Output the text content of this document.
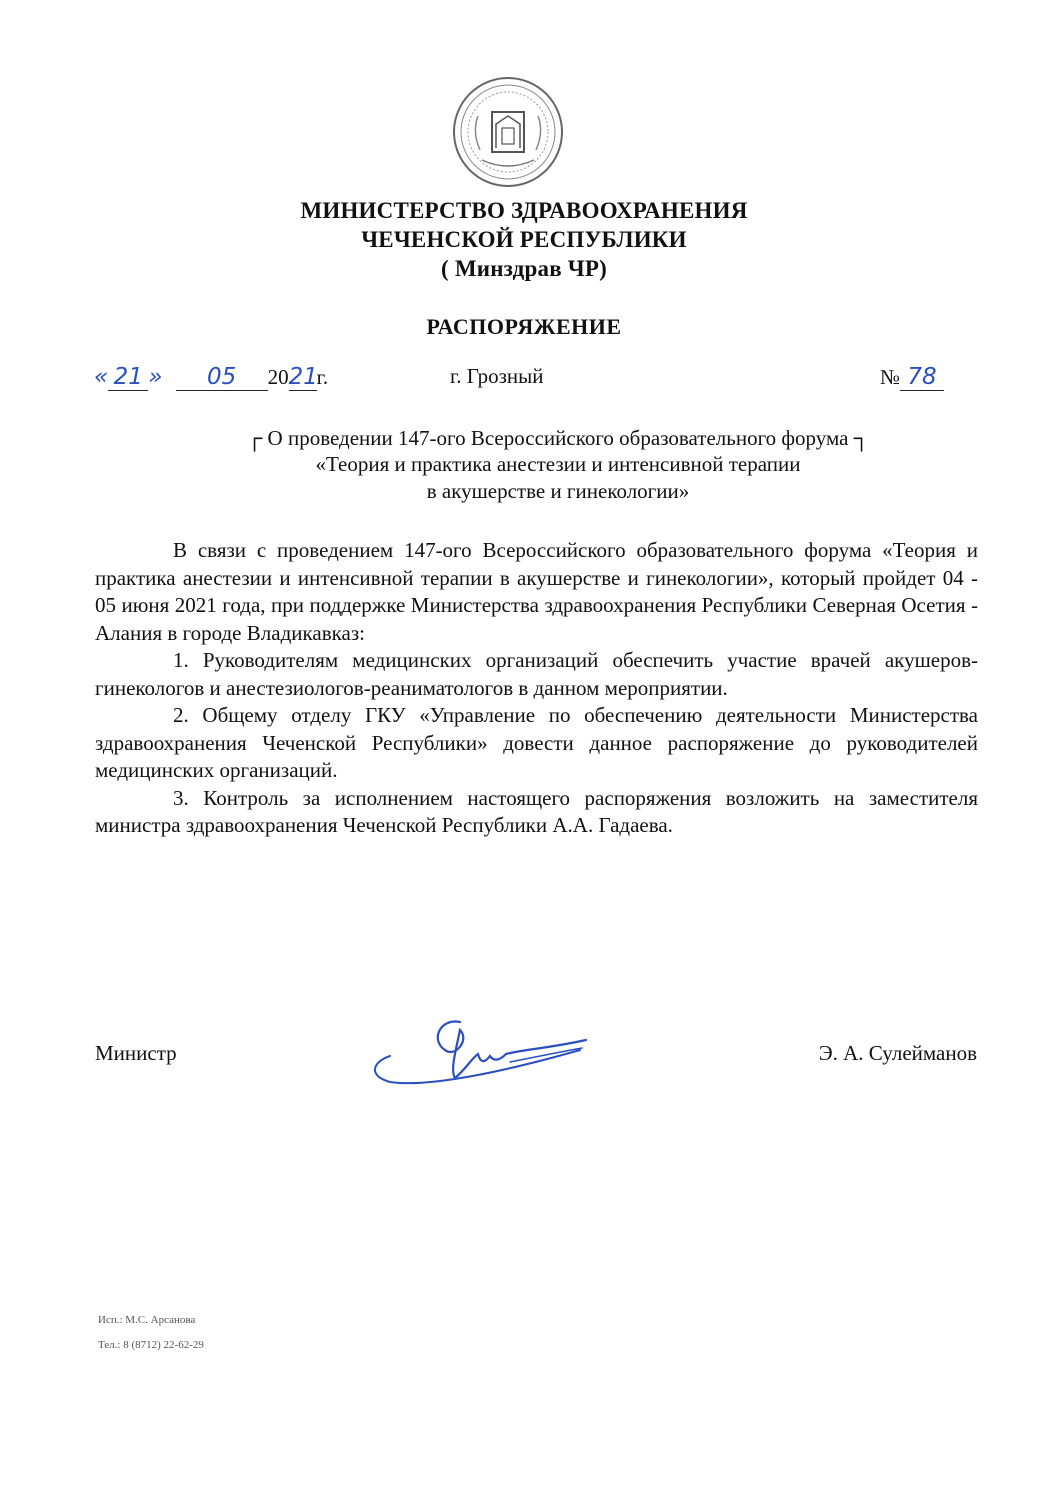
МИНИСТЕРСТВО ЗДРАВООХРАНЕНИЯ
ЧЕЧЕНСКОЙ РЕСПУБЛИКИ
( Минздрав ЧР)
РАСПОРЯЖЕНИЕ
« 21 » 05 2021г.	г. Грозный	№ 78
┌ О проведении 147-ого Всероссийского образовательного форума ┐
«Теория и практика анестезии и интенсивной терапии
в акушерстве и гинекологии»

В связи с проведением 147-ого Всероссийского образовательного форума «Теория и практика анестезии и интенсивной терапии в акушерстве и гинекологии», который пройдет 04 - 05 июня 2021 года, при поддержке Министерства здравоохранения Республики Северная Осетия - Алания в городе Владикавказ:

1. Руководителям медицинских организаций обеспечить участие врачей акушеров-гинекологов и анестезиологов-реаниматологов в данном мероприятии.

2. Общему отделу ГКУ «Управление по обеспечению деятельности Министерства здравоохранения Чеченской Республики» довести данное распоряжение до руководителей медицинских организаций.

3. Контроль за исполнением настоящего распоряжения возложить на заместителя министра здравоохранения Чеченской Республики А.А. Гадаева.

Министр	Э. А. Сулейманов
Исп.: М.С. Арсанова
Тел.: 8 (8712) 22-62-29
